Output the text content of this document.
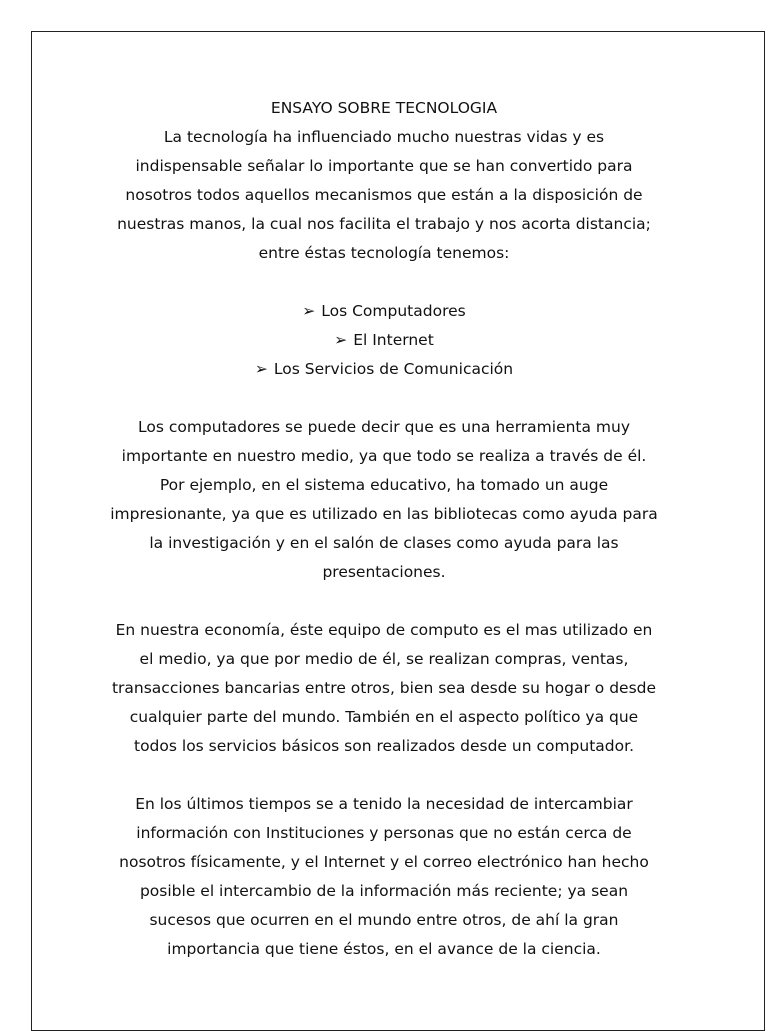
ENSAYO SOBRE TECNOLOGIA

La tecnología ha influenciado mucho nuestras vidas y es indispensable señalar lo importante que se han convertido para nosotros todos aquellos mecanismos que están a la disposición de nuestras manos, la cual nos facilita el trabajo y nos acorta distancia; entre éstas tecnología tenemos:

➢ Los Computadores
➢ El Internet
➢ Los Servicios de Comunicación

Los computadores se puede decir que es una herramienta muy importante en nuestro medio, ya que todo se realiza a través de él. Por ejemplo, en el sistema educativo, ha tomado un auge impresionante, ya que es utilizado en las bibliotecas como ayuda para la investigación y en el salón de clases como ayuda para las presentaciones.

En nuestra economía, éste equipo de computo es el mas utilizado en el medio, ya que por medio de él, se realizan compras, ventas, transacciones bancarias entre otros, bien sea desde su hogar o desde cualquier parte del mundo. También en el aspecto político ya que todos los servicios básicos son realizados desde un computador.

En los últimos tiempos se a tenido la necesidad de intercambiar información con Instituciones y personas que no están cerca de nosotros físicamente, y el Internet y el correo electrónico han hecho posible el intercambio de la información más reciente; ya sean sucesos que ocurren en el mundo entre otros, de ahí la gran importancia que tiene éstos, en el avance de la ciencia.
